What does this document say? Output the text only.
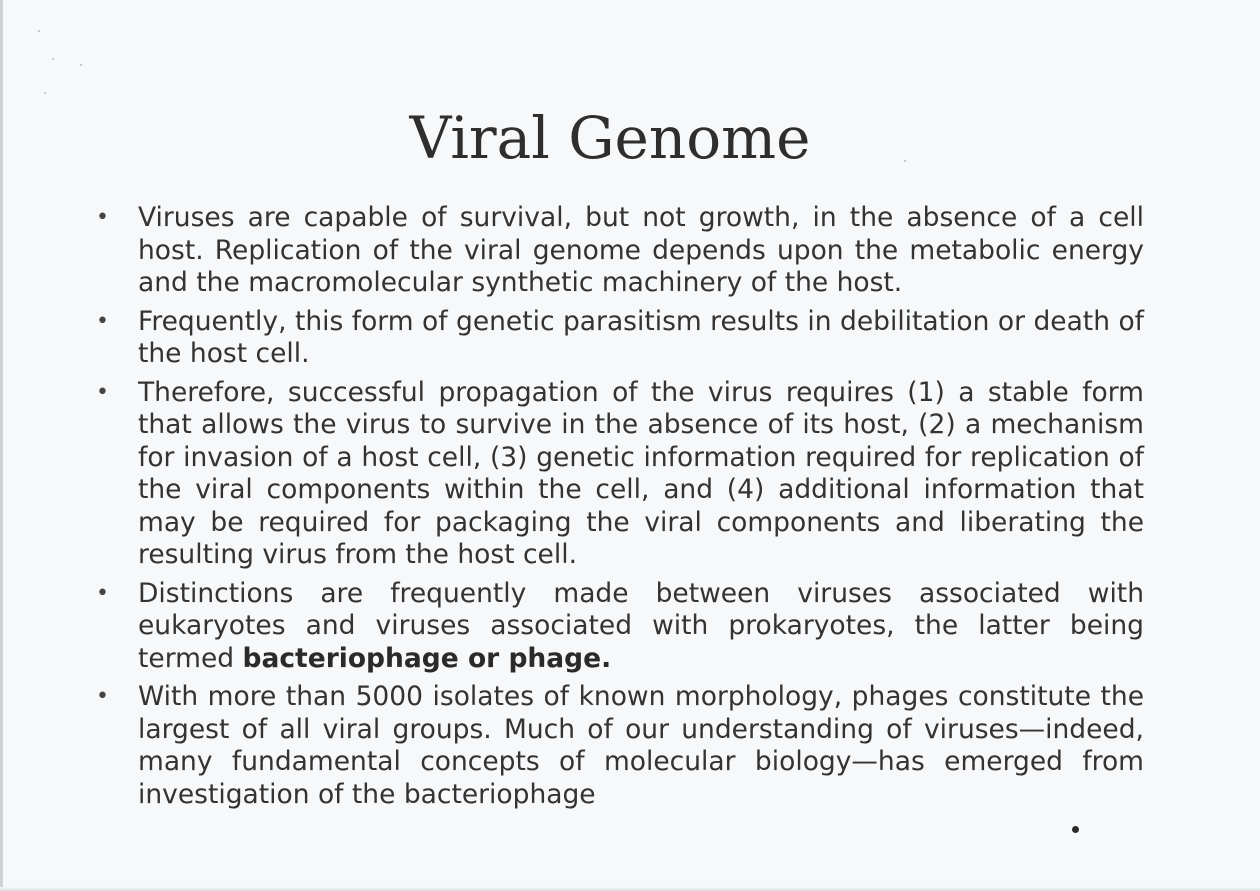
Viral Genome
• Viruses are capable of survival, but not growth, in the absence of a cell host. Replication of the viral genome depends upon the metabolic energy and the macromolecular synthetic machinery of the host.
• Frequently, this form of genetic parasitism results in debilitation or death of the host cell.
• Therefore, successful propagation of the virus requires (1) a stable form that allows the virus to survive in the absence of its host, (2) a mechanism for invasion of a host cell, (3) genetic information required for replication of the viral components within the cell, and (4) additional information that may be required for packaging the viral components and liberating the resulting virus from the host cell.
• Distinctions are frequently made between viruses associated with eukaryotes and viruses associated with prokaryotes, the latter being termed bacteriophage or phage.
• With more than 5000 isolates of known morphology, phages constitute the largest of all viral groups. Much of our understanding of viruses—indeed, many fundamental concepts of molecular biology—has emerged from investigation of the bacteriophage
